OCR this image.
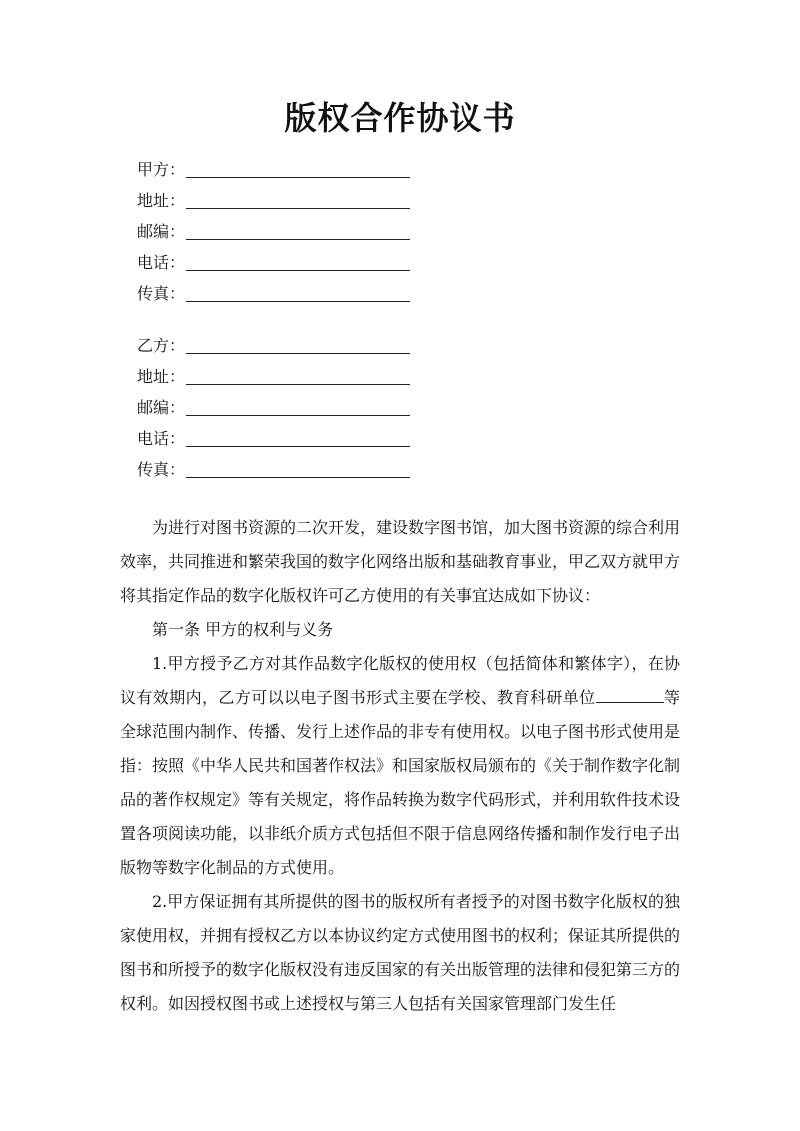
版权合作协议书
甲方：
地址：
邮编：
电话：
传真：
乙方：
地址：
邮编：
电话：
传真：

为进行对图书资源的二次开发，建设数字图书馆，加大图书资源的综合利用效率，共同推进和繁荣我国的数字化网络出版和基础教育事业，甲乙双方就甲方将其指定作品的数字化版权许可乙方使用的有关事宜达成如下协议：

第一条 甲方的权利与义务

1.甲方授予乙方对其作品数字化版权的使用权（包括简体和繁体字），在协议有效期内，乙方可以以电子图书形式主要在学校、教育科研单位	等全球范围内制作、传播、发行上述作品的非专有使用权。以电子图书形式使用是指：按照《中华人民共和国著作权法》和国家版权局颁布的《关于制作数字化制品的著作权规定》等有关规定，将作品转换为数字代码形式，并利用软件技术设置各项阅读功能，以非纸介质方式包括但不限于信息网络传播和制作发行电子出版物等数字化制品的方式使用。

2.甲方保证拥有其所提供的图书的版权所有者授予的对图书数字化版权的独家使用权，并拥有授权乙方以本协议约定方式使用图书的权利；保证其所提供的图书和所授予的数字化版权没有违反国家的有关出版管理的法律和侵犯第三方的权利。如因授权图书或上述授权与第三人包括有关国家管理部门发生任
